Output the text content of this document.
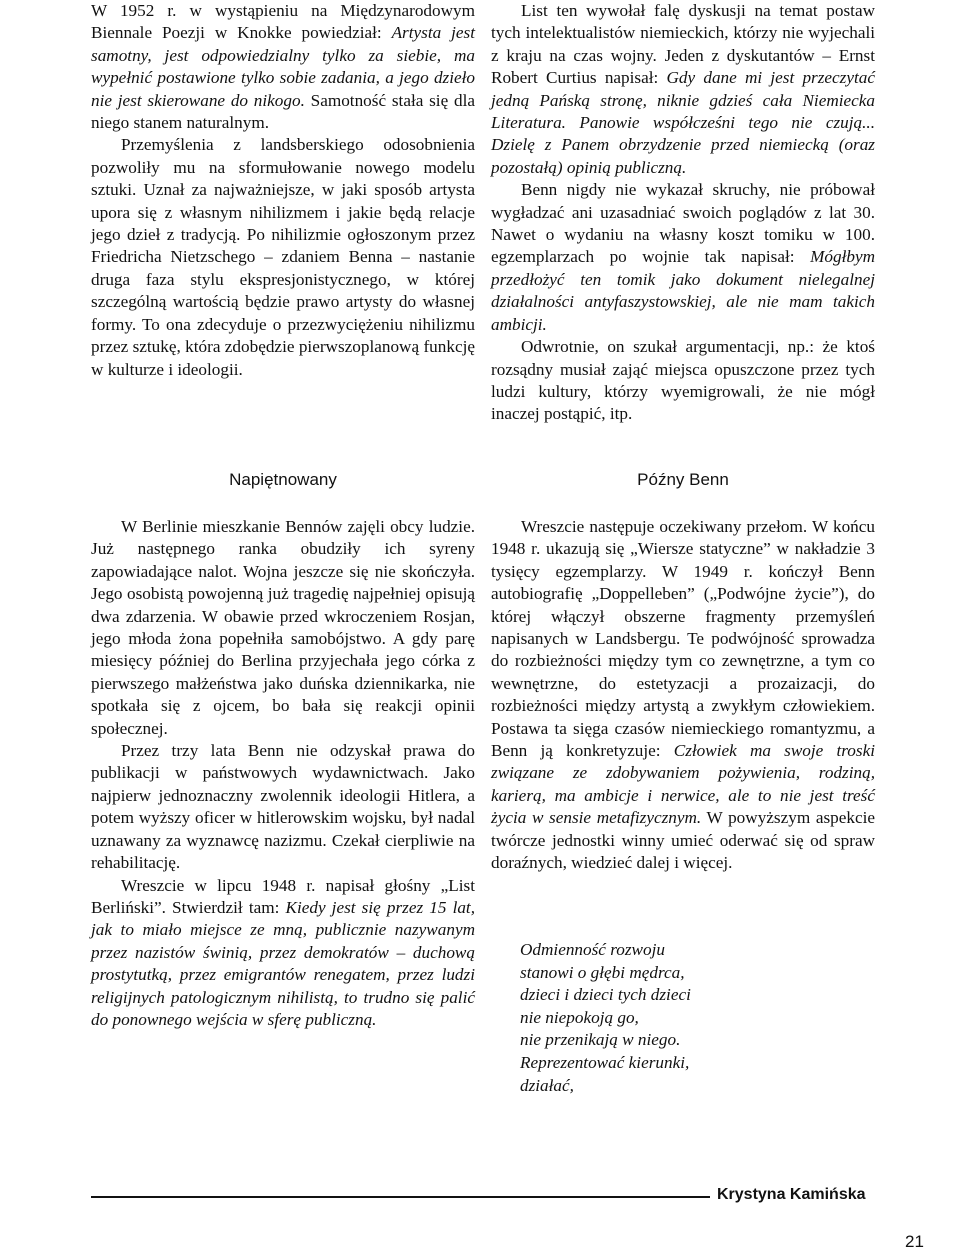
W 1952 r. w wystąpieniu na Międzynarodowym Biennale Poezji w Knokke powiedział: Artysta jest samotny, jest odpowiedzialny tylko za siebie, ma wypełnić postawione tylko sobie zadania, a jego dzieło nie jest skierowane do nikogo. Samotność stała się dla niego stanem naturalnym.

Przemyślenia z landsberskiego odosobnienia pozwoliły mu na sformułowanie nowego modelu sztuki. Uznał za najważniejsze, w jaki sposób artysta upora się z własnym nihilizmem i jakie będą relacje jego dzieł z tradycją. Po nihilizmie ogłoszonym przez Friedricha Nietzschego – zdaniem Benna – nastanie druga faza stylu ekspresjonistycznego, w której szczególną wartością będzie prawo artysty do własnej formy. To ona zdecyduje o przezwyciężeniu nihilizmu przez sztukę, która zdobędzie pierwszoplanową funkcję w kulturze i ideologii.

List ten wywołał falę dyskusji na temat postaw tych intelektualistów niemieckich, którzy nie wyjechali z kraju na czas wojny. Jeden z dyskutantów – Ernst Robert Curtius napisał: Gdy dane mi jest przeczytać jedną Pańską stronę, niknie gdzieś cała Niemiecka Literatura. Panowie współcześni tego nie czują... Dzielę z Panem obrzydzenie przed niemiecką (oraz pozostałą) opinią publiczną.

Benn nigdy nie wykazał skruchy, nie próbował wygładzać ani uzasadniać swoich poglądów z lat 30. Nawet o wydaniu na własny koszt tomiku w 100. egzemplarzach po wojnie tak napisał: Mógłbym przedłożyć ten tomik jako dokument nielegalnej działalności antyfaszystowskiej, ale nie mam takich ambicji.

Odwrotnie, on szukał argumentacji, np.: że ktoś rozsądny musiał zająć miejsca opuszczone przez tych ludzi kultury, którzy wyemigrowali, że nie mógł inaczej postąpić, itp.

Napiętnowany	Późny Benn

W Berlinie mieszkanie Bennów zajęli obcy ludzie. Już następnego ranka obudziły ich syreny zapowiadające nalot. Wojna jeszcze się nie skończyła. Jego osobistą powojenną już tragedię najpełniej opisują dwa zdarzenia. W obawie przed wkroczeniem Rosjan, jego młoda żona popełniła samobójstwo. A gdy parę miesięcy później do Berlina przyjechała jego córka z pierwszego małżeństwa jako duńska dziennikarka, nie spotkała się z ojcem, bo bała się reakcji opinii społecznej.

Przez trzy lata Benn nie odzyskał prawa do publikacji w państwowych wydawnictwach. Jako najpierw jednoznaczny zwolennik ideologii Hitlera, a potem wyższy oficer w hitlerowskim wojsku, był nadal uznawany za wyznawcę nazizmu. Czekał cierpliwie na rehabilitację.

Wreszcie w lipcu 1948 r. napisał głośny „List Berliński”. Stwierdził tam: Kiedy jest się przez 15 lat, jak to miało miejsce ze mną, publicznie nazywanym przez nazistów świnią, przez demokratów – duchową prostytutką, przez emigrantów renegatem, przez ludzi religijnych patologicznym nihilistą, to trudno się palić do ponownego wejścia w sferę publiczną.

Wreszcie następuje oczekiwany przełom. W końcu 1948 r. ukazują się „Wiersze statyczne” w nakładzie 3 tysięcy egzemplarzy. W 1949 r. kończył Benn autobiografię „Doppelleben” („Podwójne życie”), do której włączył obszerne fragmenty przemyśleń napisanych w Landsbergu. Te podwójność sprowadza do rozbieżności między tym co zewnętrzne, a tym co wewnętrzne, do estetyzacji a prozaizacji, do rozbieżności między artystą a zwykłym człowiekiem. Postawa ta sięga czasów niemieckiego romantyzmu, a Benn ją konkretyzuje: Człowiek ma swoje troski związane ze zdobywaniem pożywienia, rodziną, karierą, ma ambicje i nerwice, ale to nie jest treść życia w sensie metafizycznym. W powyższym aspekcie twórcze jednostki winny umieć oderwać się od spraw doraźnych, wiedzieć dalej i więcej.

Odmienność rozwoju
stanowi o głębi mędrca,
dzieci i dzieci tych dzieci
nie niepokoją go,
nie przenikają w niego.
Reprezentować kierunki,
działać,
Krystyna Kamińska
21
